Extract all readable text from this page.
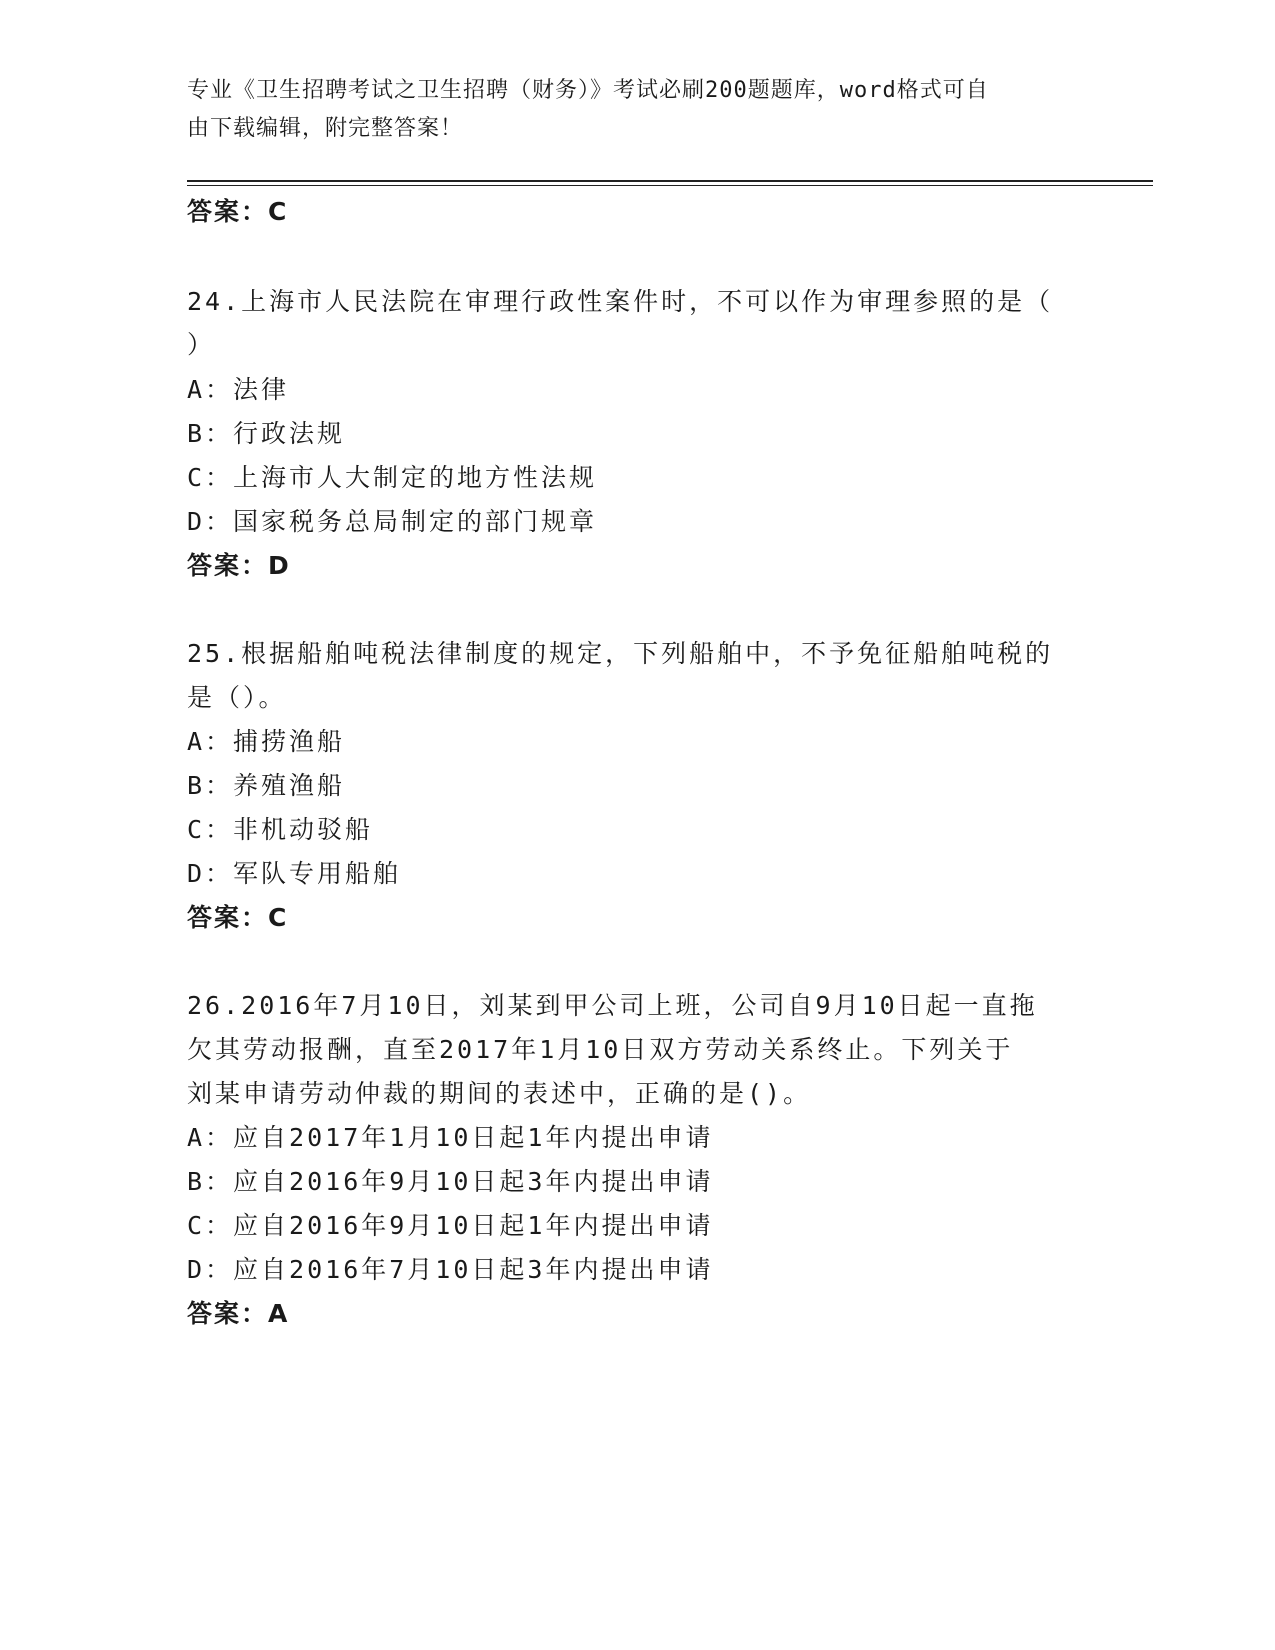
专业《卫生招聘考试之卫生招聘（财务）》考试必刷200题题库，word格式可自
由下载编辑，附完整答案！
答案：C
24.上海市人民法院在审理行政性案件时，不可以作为审理参照的是（
）
A：法律
B：行政法规
C：上海市人大制定的地方性法规
D：国家税务总局制定的部门规章
答案：D
25.根据船舶吨税法律制度的规定，下列船舶中，不予免征船舶吨税的
是（）。
A：捕捞渔船
B：养殖渔船
C：非机动驳船
D：军队专用船舶
答案：C
26.2016年7月10日，刘某到甲公司上班，公司自9月10日起一直拖
欠其劳动报酬，直至2017年1月10日双方劳动关系终止。下列关于
刘某申请劳动仲裁的期间的表述中，正确的是()。
A：应自2017年1月10日起1年内提出申请
B：应自2016年9月10日起3年内提出申请
C：应自2016年9月10日起1年内提出申请
D：应自2016年7月10日起3年内提出申请
答案：A
